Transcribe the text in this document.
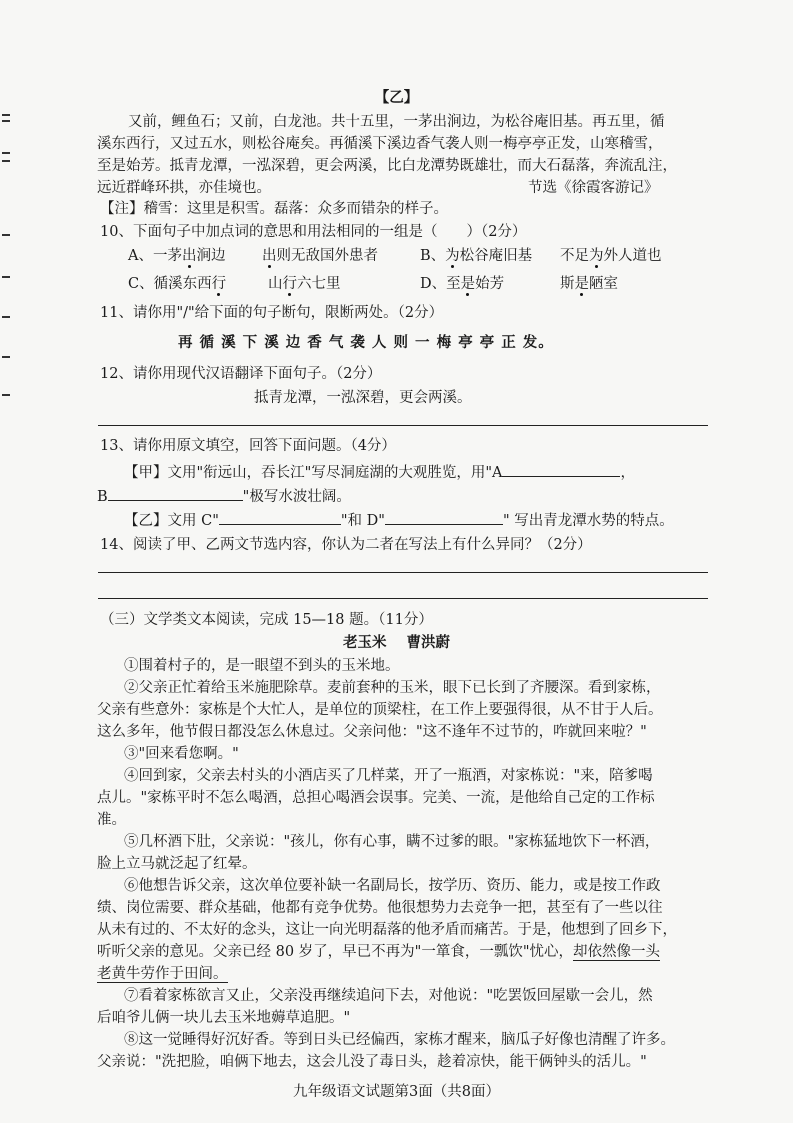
【乙】
又前，鲤鱼石；又前，白龙池。共十五里，一茅出涧边，为松谷庵旧基。再五里，循
溪东西行，又过五水，则松谷庵矣。再循溪下溪边香气袭人则一梅亭亭正发，山寒稽雪，
至是始芳。抵青龙潭，一泓深碧，更会两溪，比白龙潭势既雄壮，而大石磊落，奔流乱注，
远近群峰环拱，亦佳境也。	节选《徐霞客游记》
【注】稽雪：这里是积雪。磊落：众多而错杂的样子。
10、下面句子中加点词的意思和用法相同的一组是（　　）（2分）
A、一茅出涧边	出则无敌国外患者	B、为松谷庵旧基 不足为外人道也
C、循溪东西行	山行六七里	D、至是始芳	斯是陋室
11、请你用"/"给下面的句子断句，限断两处。（2分）
再 循 溪 下 溪 边 香 气 袭 人 则 一 梅 亭 亭 正 发。
12、请你用现代汉语翻译下面句子。（2分）
抵青龙潭，一泓深碧，更会两溪。
13、请你用原文填空，回答下面问题。（4分）
【甲】文用"衔远山，吞长江"写尽洞庭湖的大观胜览，用"A	，
B	"极写水波壮阔。
【乙】文用 C"	"和 D"	" 写出青龙潭水势的特点。
14、阅读了甲、乙两文节选内容，你认为二者在写法上有什么异同？（2分）
（三）文学类文本阅读，完成 15—18 题。（11分）
老玉米 曹洪蔚
①围着村子的，是一眼望不到头的玉米地。
②父亲正忙着给玉米施肥除草。麦前套种的玉米，眼下已长到了齐腰深。看到家栋，
父亲有些意外：家栋是个大忙人，是单位的顶梁柱，在工作上要强得很，从不甘于人后。
这么多年，他节假日都没怎么休息过。父亲问他："这不逢年不过节的，咋就回来啦？"
③"回来看您啊。"
④回到家，父亲去村头的小酒店买了几样菜，开了一瓶酒，对家栋说："来，陪爹喝
点儿。"家栋平时不怎么喝酒，总担心喝酒会误事。完美、一流，是他给自己定的工作标
准。
⑤几杯酒下肚，父亲说："孩儿，你有心事，瞒不过爹的眼。"家栋猛地饮下一杯酒，
脸上立马就泛起了红晕。
⑥他想告诉父亲，这次单位要补缺一名副局长，按学历、资历、能力，或是按工作政
绩、岗位需要、群众基础，他都有竞争优势。他很想势力去竞争一把，甚至有了一些以往
从未有过的、不太好的念头，这让一向光明磊落的他矛盾而痛苦。于是，他想到了回乡下，
听听父亲的意见。父亲已经 80 岁了，早已不再为"一箪食，一瓢饮"忧心，却依然像一头
老黄牛劳作于田间。
⑦看着家栋欲言又止，父亲没再继续追问下去，对他说："吃罢饭回屋歇一会儿，然
后咱爷儿俩一块儿去玉米地薅草追肥。"
⑧这一觉睡得好沉好香。等到日头已经偏西，家栋才醒来，脑瓜子好像也清醒了许多。
父亲说："洗把脸，咱俩下地去，这会儿没了毒日头，趁着凉快，能干俩钟头的活儿。"
九年级语文试题第3面（共8面）
